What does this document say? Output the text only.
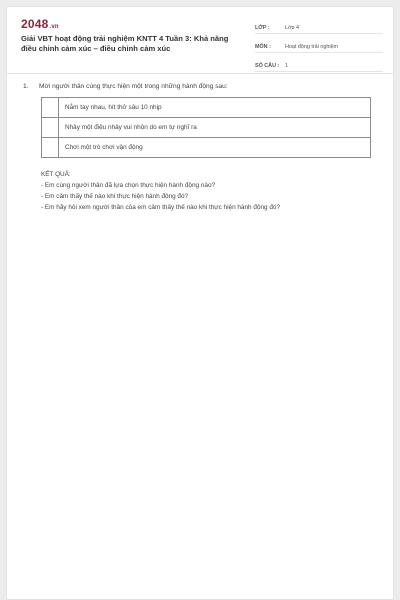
2048.vn
Giải VBT hoạt động trải nghiệm KNTT 4 Tuần 3: Khả năng điều chỉnh cảm xúc – điều chỉnh cảm xúc
LỚP :	Lớp 4
MÔN :	Hoạt động trải nghiệm
SỐ CÂU :	1
1. Mời người thân cùng thực hiện một trong những hành động sau:
	Nắm tay nhau, hít thở sâu 10 nhịp
	Nhảy một điệu nhảy vui nhộn do em tự nghĩ ra
	Chơi một trò chơi vận động
KẾT QUẢ:
- Em cùng người thân đã lựa chọn thực hiện hành động nào?
- Em cảm thấy thế nào khi thực hiện hành động đó?
- Em hãy hỏi xem người thân của em cảm thấy thế nào khi thực hiện hành động đó?
